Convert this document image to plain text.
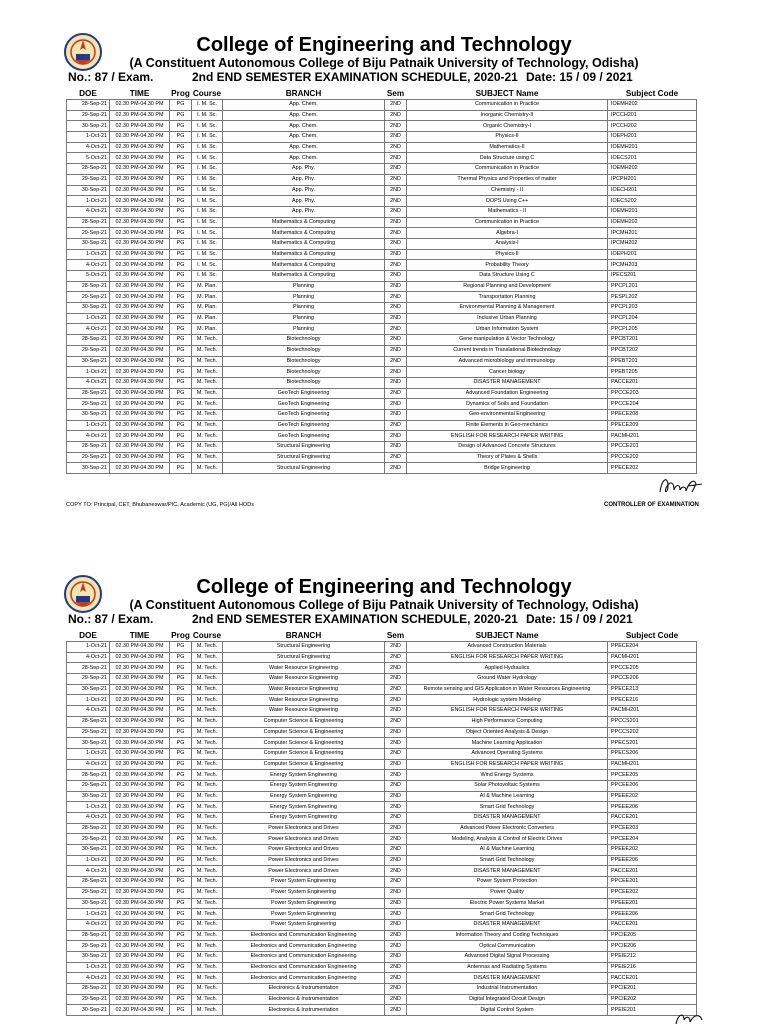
College of Engineering and Technology
(A Constituent Autonomous College of Biju Patnaik University of Technology, Odisha)
No.: 87 / Exam.	2nd END SEMESTER EXAMINATION SCHEDULE, 2020-21 Date: 15 / 09 / 2021
DOE	TIME	Prog	Course	BRANCH	Sem	SUBJECT Name	Subject Code
28-Sep-21	02.30 PM-04.30 PM	PG	I. M. Sc.	App. Chem.	2ND	Communication in Practice	IOEMH202
29-Sep-21	02.30 PM-04.30 PM	PG	I. M. Sc.	App. Chem.	2ND	Inorganic Chemistry-II	IPCCH201
30-Sep-21	02.30 PM-04.30 PM	PG	I. M. Sc.	App. Chem.	2ND	Organic Chemistry-I	IPCCH202
1-Oct-21	02.30 PM-04.30 PM	PG	I. M. Sc.	App. Chem.	2ND	Physics-II	IOEPH201
4-Oct-21	02.30 PM-04.30 PM	PG	I. M. Sc.	App. Chem.	2ND	Mathematics-II	IOEMH201
5-Oct-21	02.30 PM-04.30 PM	PG	I. M. Sc.	App. Chem.	2ND	Data Structure using C	IOECS201
28-Sep-21	02.30 PM-04.30 PM	PG	I. M. Sc.	App. Phy.	2ND	Communication in Practice	IOEMH202
29-Sep-21	02.30 PM-04.30 PM	PG	I. M. Sc.	App. Phy.	2ND	Thermal Physics and Properties of matter	IPCPH201
30-Sep-21	02.30 PM-04.30 PM	PG	I. M. Sc.	App. Phy.	2ND	Chemistry - II	IOECH201
1-Oct-21	02.30 PM-04.30 PM	PG	I. M. Sc.	App. Phy.	2ND	OOPS Using C++	IOECS202
4-Oct-21	02.30 PM-04.30 PM	PG	I. M. Sc.	App. Phy.	2ND	Mathematics - II	IOEMH201
28-Sep-21	02.30 PM-04.30 PM	PG	I. M. Sc.	Mathematics & Computing	2ND	Communication in Practice	IOEMH202
29-Sep-21	02.30 PM-04.30 PM	PG	I. M. Sc.	Mathematics & Computing	2ND	Algebra-I	IPCMH201
30-Sep-21	02.30 PM-04.30 PM	PG	I. M. Sc.	Mathematics & Computing	2ND	Analysis-I	IPCMH202
1-Oct-21	02.30 PM-04.30 PM	PG	I. M. Sc.	Mathematics & Computing	2ND	Physics-II	IOEPH201
4-Oct-21	02.30 PM-04.30 PM	PG	I. M. Sc.	Mathematics & Computing	2ND	Probability Theory	IPCMH203
5-Oct-21	02.30 PM-04.30 PM	PG	I. M. Sc.	Mathematics & Computing	2ND	Data Structure Using C	IPECS201
28-Sep-21	02.30 PM-04.30 PM	PG	M. Plan.	Planning	2ND	Regional Planning and Development	PPCPL201
29-Sep-21	02.30 PM-04.30 PM	PG	M. Plan.	Planning	2ND	Transportation Planning	PESPL202
30-Sep-21	02.30 PM-04.30 PM	PG	M. Plan.	Planning	2ND	Environmental Planning & Management	PPCPL203
1-Oct-21	02.30 PM-04.30 PM	PG	M. Plan.	Planning	2ND	Inclusive Urban Planning	PPCPL204
4-Oct-21	02.30 PM-04.30 PM	PG	M. Plan.	Planning	2ND	Urban Information System	PPCPL205
28-Sep-21	02.30 PM-04.30 PM	PG	M. Tech.	Biotechnology	2ND	Gene manipulation & Vector Technology	PPCBT201
29-Sep-21	02.30 PM-04.30 PM	PG	M. Tech.	Biotechnology	2ND	Current trends in Translational Biotechnology	PPCBT202
30-Sep-21	02.30 PM-04.30 PM	PG	M. Tech.	Biotechnology	2ND	Advanced microbiology and immunology	PPEBT201
1-Oct-21	02.30 PM-04.30 PM	PG	M. Tech.	Biotechnology	2ND	Cancer biology	PPEBT205
4-Oct-21	02.30 PM-04.30 PM	PG	M. Tech.	Biotechnology	2ND	DISASTER MANAGEMENT	PACCE201
28-Sep-21	02.30 PM-04.30 PM	PG	M. Tech.	GeoTech Engineering	2ND	Advanced Foundation Engineering	PPCCE203
29-Sep-21	02.30 PM-04.30 PM	PG	M. Tech.	GeoTech Engineering	2ND	Dynamics of Soils and Foundation	PPCCE204
30-Sep-21	02.30 PM-04.30 PM	PG	M. Tech.	GeoTech Engineering	2ND	Geo-environmental Engineering	PPECE208
1-Oct-21	02.30 PM-04.30 PM	PG	M. Tech.	GeoTech Engineering	2ND	Finite Elements in Geo-mechanics	PPECE209
4-Oct-21	02.30 PM-04.30 PM	PG	M. Tech.	GeoTech Engineering	2ND	ENGLISH FOR RESEARCH PAPER WRITING	PACMH201
28-Sep-21	02.30 PM-04.30 PM	PG	M. Tech.	Structural Engineering	2ND	Design of Advanced Concrete Structures	PPCCE201
29-Sep-21	02.30 PM-04.30 PM	PG	M. Tech.	Structural Engineering	2ND	Theory of Plates & Shells	PPCCE202
30-Sep-21	02.30 PM-04.30 PM	PG	M. Tech.	Structural Engineering	2ND	Bridge Engineering	PPECE202
COPY TO: Principal, CET, Bhubaneswar/PIC, Academic (UG, PG)/All HODs	CONTROLLER OF EXAMINATION
College of Engineering and Technology
(A Constituent Autonomous College of Biju Patnaik University of Technology, Odisha)
No.: 87 / Exam.	2nd END SEMESTER EXAMINATION SCHEDULE, 2020-21 Date: 15 / 09 / 2021
DOE	TIME	Prog	Course	BRANCH	Sem	SUBJECT Name	Subject Code
1-Oct-21	02.30 PM-04.30 PM	PG	M. Tech.	Structural Engineering	2ND	Advanced Construction Materials	PPECE204
4-Oct-21	02.30 PM-04.30 PM	PG	M. Tech.	Structural Engineering	2ND	ENGLISH FOR RESEARCH PAPER WRITING	PACMH201
28-Sep-21	02.30 PM-04.30 PM	PG	M. Tech.	Water Resource Engineering	2ND	Applied Hydraulics	PPCCE205
29-Sep-21	02.30 PM-04.30 PM	PG	M. Tech.	Water Resource Engineering	2ND	Ground Water Hydrology	PPCCE206
30-Sep-21	02.30 PM-04.30 PM	PG	M. Tech.	Water Resource Engineering	2ND	Remote sensing and GIS Application in Water Resources Engineering	PPECE213
1-Oct-21	02.30 PM-04.30 PM	PG	M. Tech.	Water Resource Engineering	2ND	Hydrologic system Modeling	PPECE216
4-Oct-21	02.30 PM-04.30 PM	PG	M. Tech.	Water Resource Engineering	2ND	ENGLISH FOR RESEARCH PAPER WRITING	PACMH201
28-Sep-21	02.30 PM-04.30 PM	PG	M. Tech.	Computer Science & Engineering	2ND	High Performance Computing	PPCCS201
29-Sep-21	02.30 PM-04.30 PM	PG	M. Tech.	Computer Science & Engineering	2ND	Object Oriented Analysis & Design	PPCCS202
30-Sep-21	02.30 PM-04.30 PM	PG	M. Tech.	Computer Science & Engineering	2ND	Machine Learning Application	PPECS201
1-Oct-21	02.30 PM-04.30 PM	PG	M. Tech.	Computer Science & Engineering	2ND	Advanced Operating Systems	PPECS206
4-Oct-21	02.30 PM-04.30 PM	PG	M. Tech.	Computer Science & Engineering	2ND	ENGLISH FOR RESEARCH PAPER WRITING	PACMH201
28-Sep-21	02.30 PM-04.30 PM	PG	M. Tech.	Energy System Engineering	2ND	Wind Energy Systems	PPCEE205
29-Sep-21	02.30 PM-04.30 PM	PG	M. Tech.	Energy System Engineering	2ND	Solar Photovoltaic Systems	PPCEE206
30-Sep-21	02.30 PM-04.30 PM	PG	M. Tech.	Energy System Engineering	2ND	AI & Machine Learning	PPEEE202
1-Oct-21	02.30 PM-04.30 PM	PG	M. Tech.	Energy System Engineering	2ND	Smart Grid Technology	PPEEE206
4-Oct-21	02.30 PM-04.30 PM	PG	M. Tech.	Energy System Engineering	2ND	DISASTER MANAGEMENT	PACCE201
28-Sep-21	02.30 PM-04.30 PM	PG	M. Tech.	Power Electronics and Drives	2ND	Advanced Power Electronic Converters	PPCEE203
29-Sep-21	02.30 PM-04.30 PM	PG	M. Tech.	Power Electronics and Drives	2ND	Modeling, Analysis & Control of Electric Drives	PPCEE204
30-Sep-21	02.30 PM-04.30 PM	PG	M. Tech.	Power Electronics and Drives	2ND	AI & Machine Learning	PPEEE202
1-Oct-21	02.30 PM-04.30 PM	PG	M. Tech.	Power Electronics and Drives	2ND	Smart Grid Technology	PPEEE206
4-Oct-21	02.30 PM-04.30 PM	PG	M. Tech.	Power Electronics and Drives	2ND	DISASTER MANAGEMENT	PACCE201
28-Sep-21	02.30 PM-04.30 PM	PG	M. Tech.	Power System Engineering	2ND	Power System Protection	PPCEE201
29-Sep-21	02.30 PM-04.30 PM	PG	M. Tech.	Power System Engineering	2ND	Power Quality	PPCEE202
30-Sep-21	02.30 PM-04.30 PM	PG	M. Tech.	Power System Engineering	2ND	Electric Power Systems Market	PPEEE201
1-Oct-21	02.30 PM-04.30 PM	PG	M. Tech.	Power System Engineering	2ND	Smart Grid Technology	PPEEE206
4-Oct-21	02.30 PM-04.30 PM	PG	M. Tech.	Power System Engineering	2ND	DISASTER MANAGEMENT	PACCE201
28-Sep-21	02.30 PM-04.30 PM	PG	M. Tech.	Electronics and Communication Engineering	2ND	Information Theory and Coding Techniques	PPCIE205
29-Sep-21	02.30 PM-04.30 PM	PG	M. Tech.	Electronics and Communication Engineering	2ND	Optical Communication	PPCIE206
30-Sep-21	02.30 PM-04.30 PM	PG	M. Tech.	Electronics and Communication Engineering	2ND	Advanced Digital Signal Processing	PPEIE212
1-Oct-21	02.30 PM-04.30 PM	PG	M. Tech.	Electronics and Communication Engineering	2ND	Antennas and Radiating Systems	PPEIE216
4-Oct-21	02.30 PM-04.30 PM	PG	M. Tech.	Electronics and Communication Engineering	2ND	DISASTER MANAGEMENT	PACCE201
28-Sep-21	02.30 PM-04.30 PM	PG	M. Tech.	Electronics & Instrumentation	2ND	Industrial Instrumentation	PPCIE201
29-Sep-21	02.30 PM-04.30 PM	PG	M. Tech.	Electronics & Instrumentation	2ND	Digital Integrated Circuit Design	PPCIE202
30-Sep-21	02.30 PM-04.30 PM	PG	M. Tech.	Electronics & Instrumentation	2ND	Digital Control System	PPEIE201
